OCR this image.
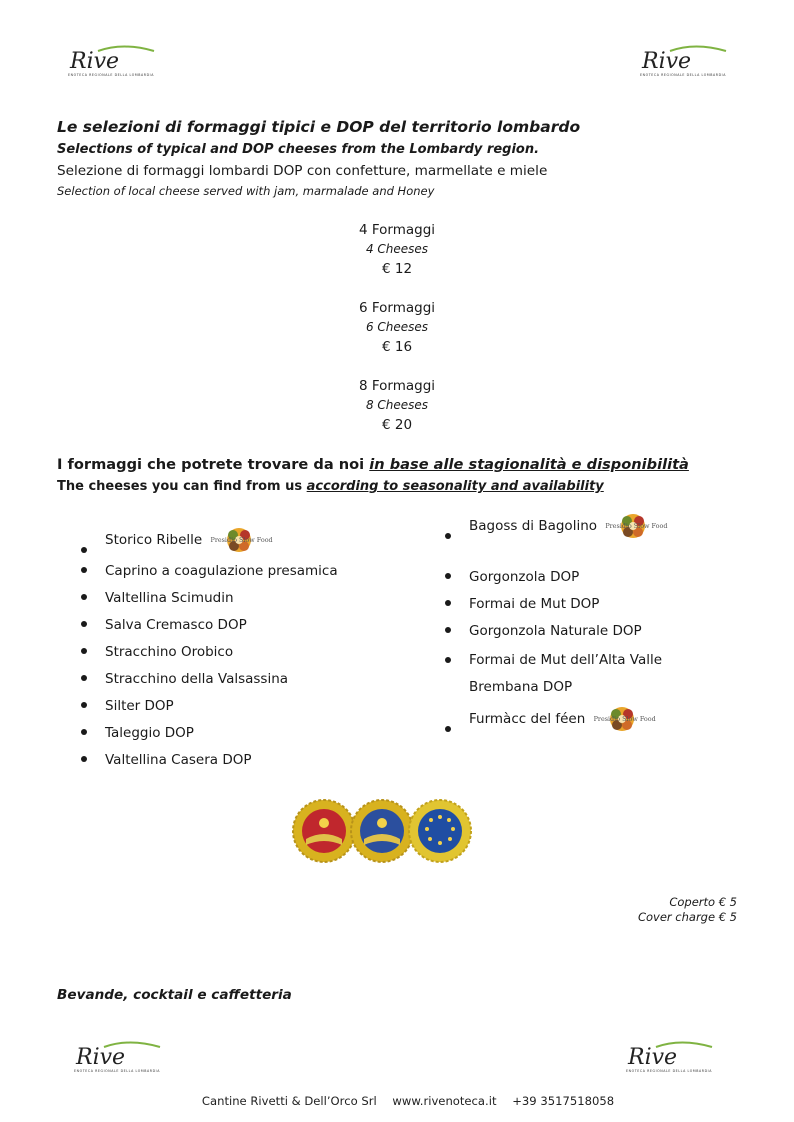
Rive
ENOTECA REGIONALE DELLA LOMBARDIA
Rive
ENOTECA REGIONALE DELLA LOMBARDIA
Le selezioni di formaggi tipici e DOP del territorio lombardo
Selections of typical and DOP cheeses from the Lombardy region.
Selezione di formaggi lombardi DOP con confetture, marmellate e miele
Selection of local cheese served with jam, marmalade and Honey
4 Formaggi
4 Cheeses
€ 12
6 Formaggi
6 Cheeses
€ 16
8 Formaggi
8 Cheeses
€ 20
I formaggi che potrete trovare da noi in base alle stagionalità e disponibilità
The cheeses you can find from us according to seasonality and availability
Storico Ribelle Presidio Slow Food
Caprino a coagulazione presamica
Valtellina Scimudin
Salva Cremasco DOP
Stracchino Orobico
Stracchino della Valsassina
Silter DOP
Taleggio DOP
Valtellina Casera DOP
Bagoss di Bagolino Presidio Slow Food
Gorgonzola DOP
Formai de Mut DOP
Gorgonzola Naturale DOP
Formai de Mut dell’Alta Valle
Brembana DOP
Furmàcc del féen Presidio Slow Food
Coperto € 5
Cover charge € 5
Bevande, cocktail e caffetteria
Rive
ENOTECA REGIONALE DELLA LOMBARDIA
Rive
ENOTECA REGIONALE DELLA LOMBARDIA
Cantine Rivetti & Dell’Orco Srl www.rivenoteca.it +39 3517518058
